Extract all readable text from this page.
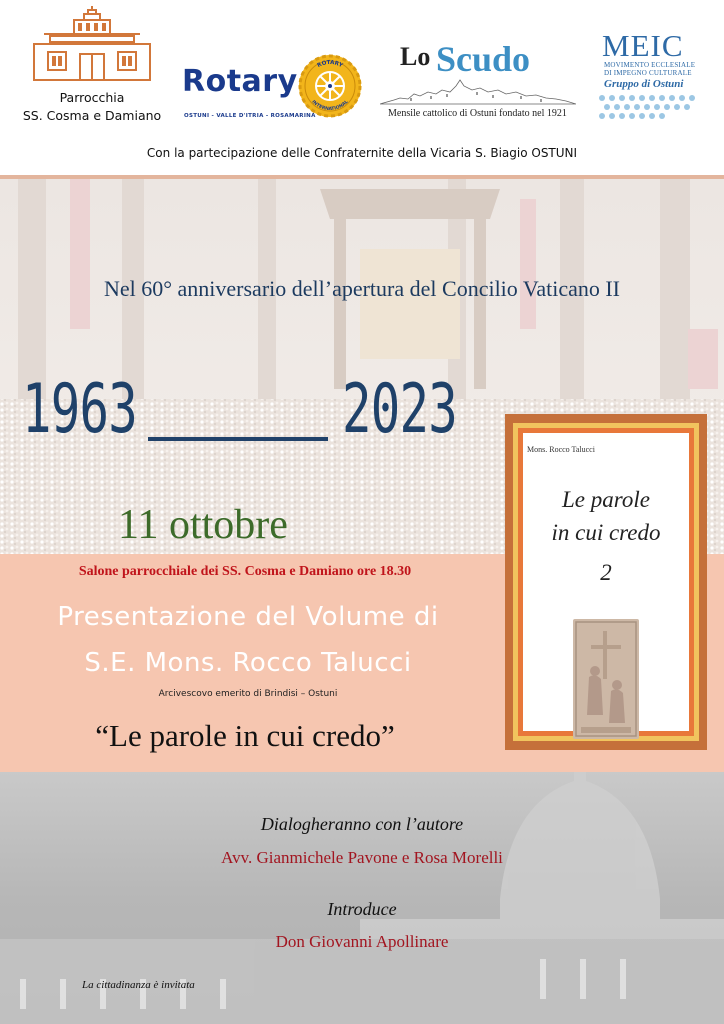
Parrocchia
SS. Cosma e Damiano
Rotary
OSTUNI - VALLE D'ITRIA - ROSAMARINA
ROTARY
INTERNATIONAL
Lo Scudo
Mensile cattolico di Ostuni fondato nel 1921
MEIC
MOVIMENTO ECCLESIALE
DI IMPEGNO CULTURALE
Gruppo di Ostuni
Con la partecipazione delle Confraternite della Vicaria S. Biagio OSTUNI
Nel 60° anniversario dell’apertura del Concilio Vaticano II
1963	2023
11 ottobre
Salone parrocchiale dei SS. Cosma e Damiano ore 18.30
Presentazione del Volume di
S.E. Mons. Rocco Talucci
Arcivescovo emerito di Brindisi – Ostuni
“Le parole in cui credo”
Mons. Rocco Talucci
Le parole
in cui credo
2
Dialogheranno con l’autore
Avv. Gianmichele Pavone e Rosa Morelli
Introduce
Don Giovanni Apollinare
La cittadinanza è invitata
